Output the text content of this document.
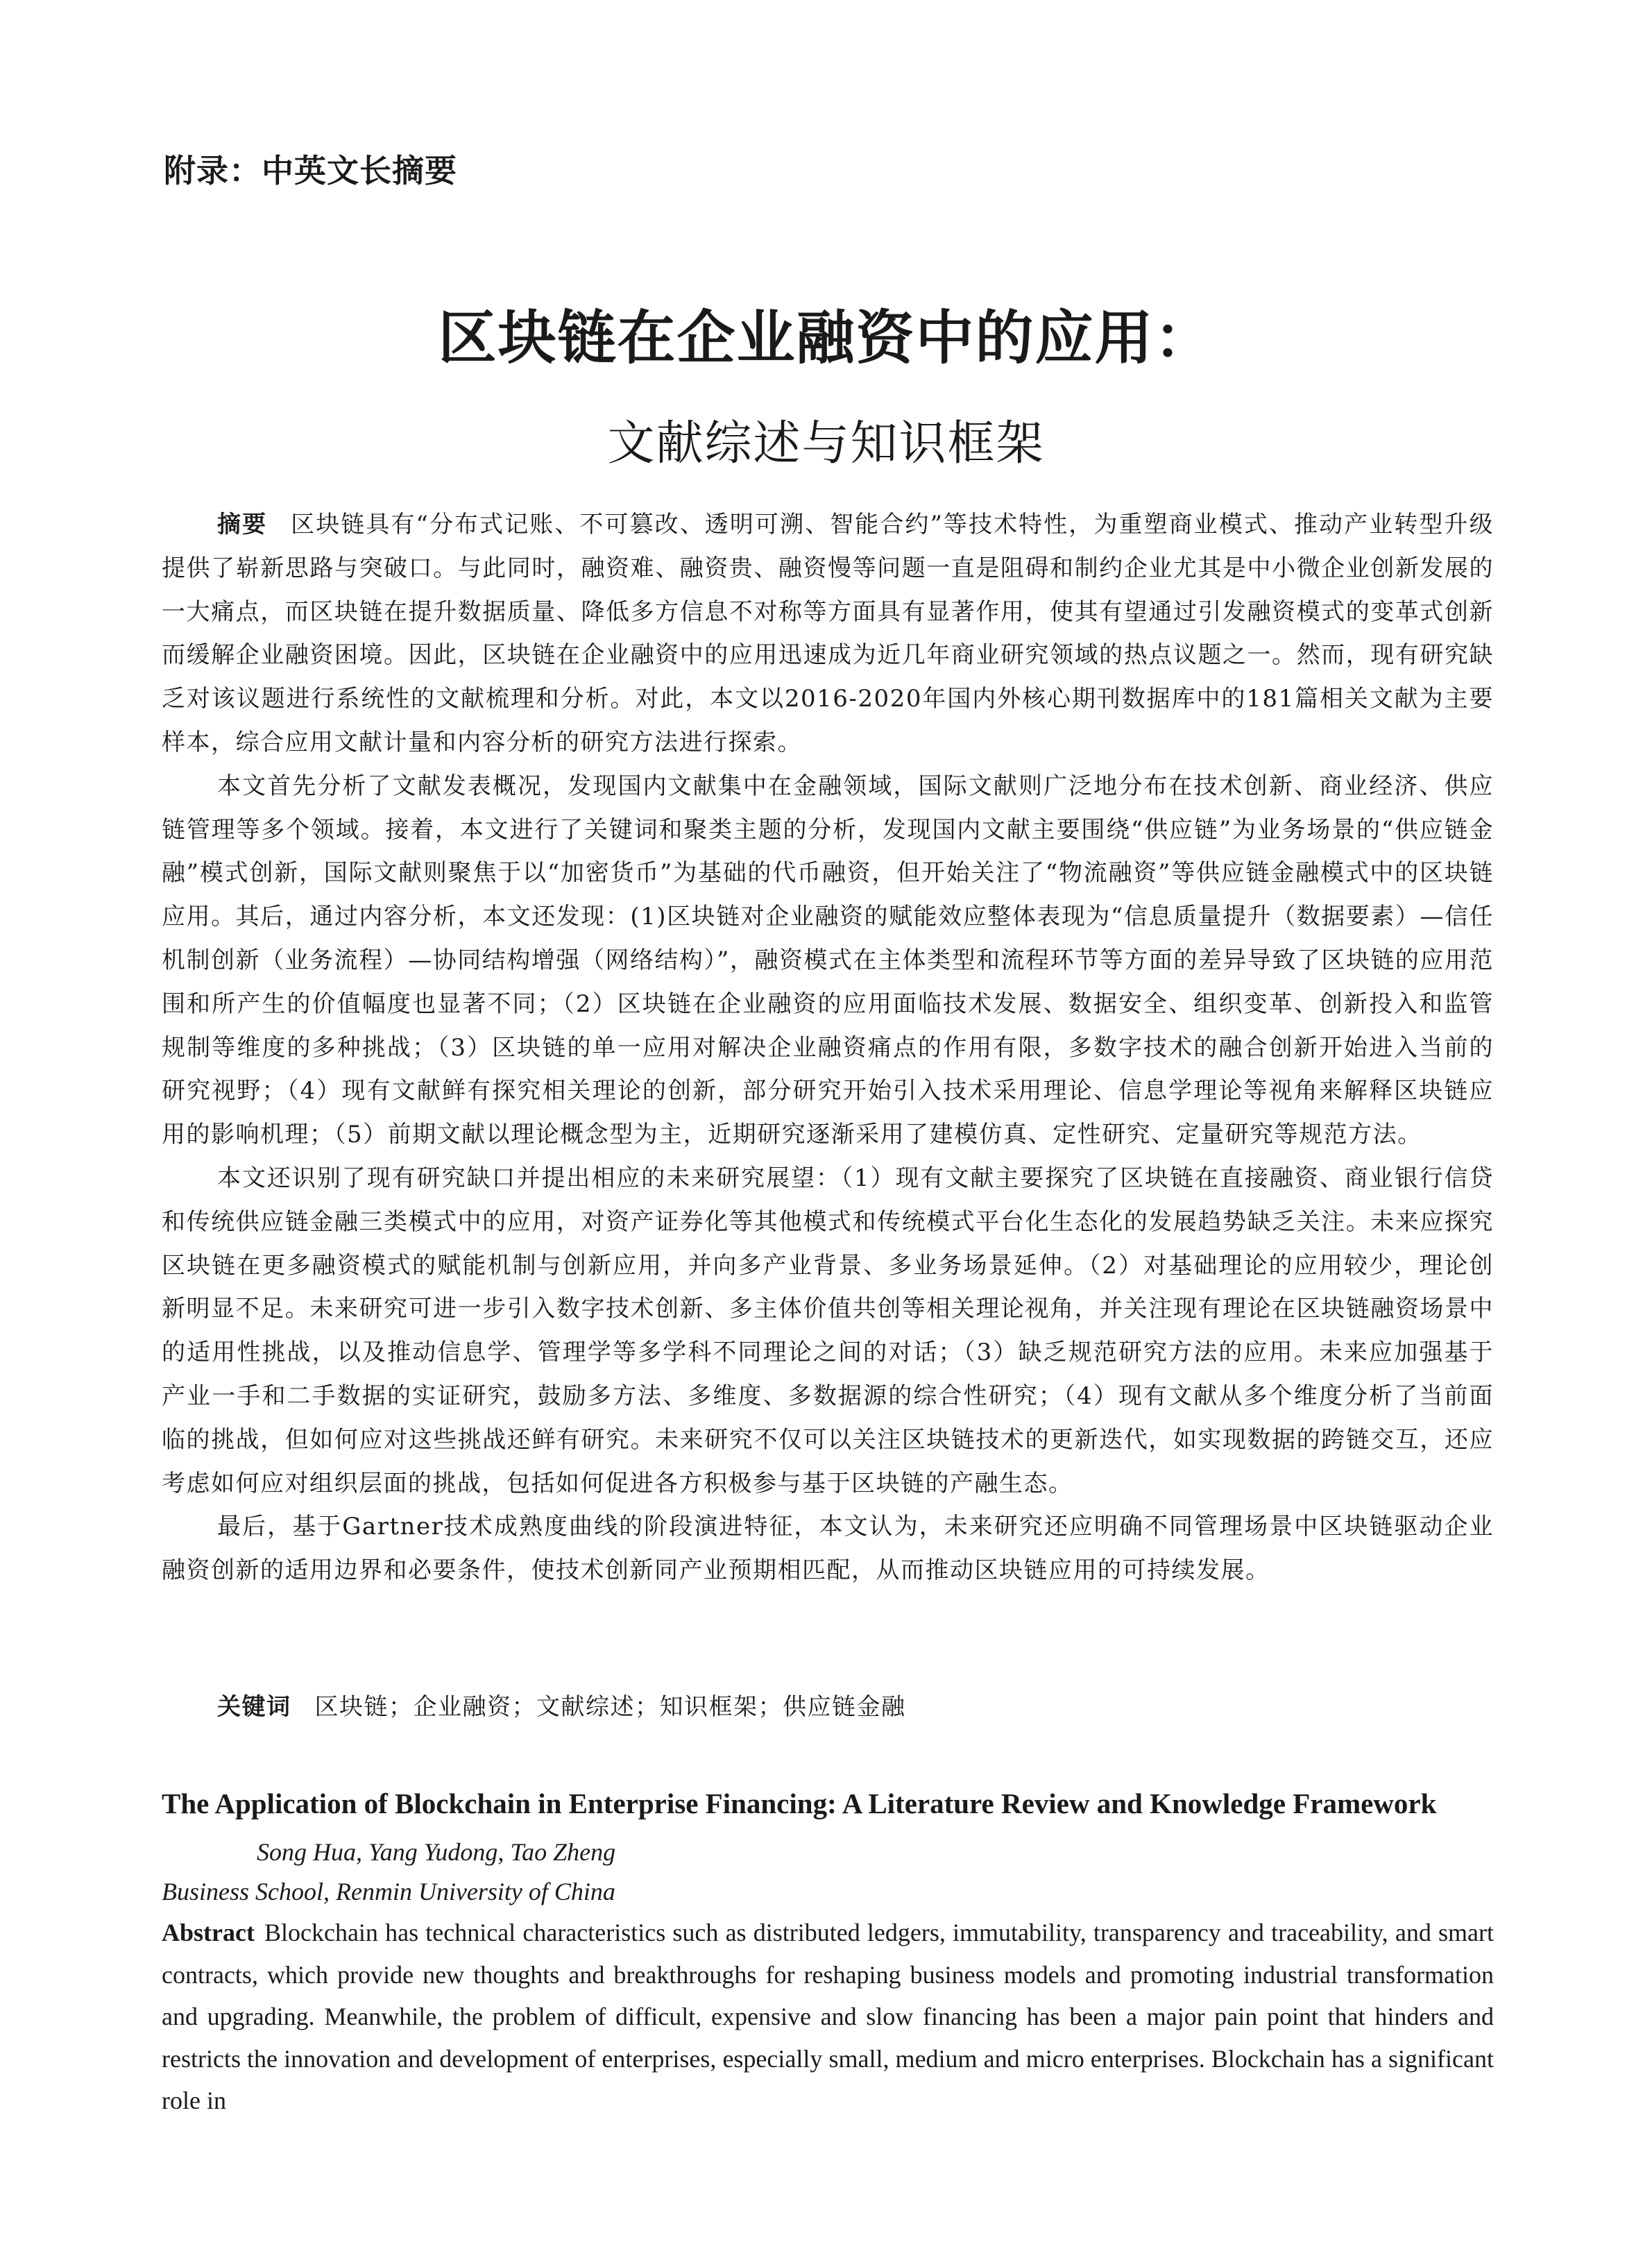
附录：中英文长摘要
区块链在企业融资中的应用：
文献综述与知识框架

摘要 区块链具有“分布式记账、不可篡改、透明可溯、智能合约”等技术特性，为重塑商业模式、推动产业转型升级提供了崭新思路与突破口。与此同时，融资难、融资贵、融资慢等问题一直是阻碍和制约企业尤其是中小微企业创新发展的一大痛点，而区块链在提升数据质量、降低多方信息不对称等方面具有显著作用，使其有望通过引发融资模式的变革式创新而缓解企业融资困境。因此，区块链在企业融资中的应用迅速成为近几年商业研究领域的热点议题之一。然而，现有研究缺乏对该议题进行系统性的文献梳理和分析。对此，本文以2016-2020年国内外核心期刊数据库中的181篇相关文献为主要样本，综合应用文献计量和内容分析的研究方法进行探索。

本文首先分析了文献发表概况，发现国内文献集中在金融领域，国际文献则广泛地分布在技术创新、商业经济、供应链管理等多个领域。接着，本文进行了关键词和聚类主题的分析，发现国内文献主要围绕“供应链”为业务场景的“供应链金融”模式创新，国际文献则聚焦于以“加密货币”为基础的代币融资，但开始关注了“物流融资”等供应链金融模式中的区块链应用。其后，通过内容分析，本文还发现：(1)区块链对企业融资的赋能效应整体表现为“信息质量提升（数据要素）—信任机制创新（业务流程）—协同结构增强（网络结构）”，融资模式在主体类型和流程环节等方面的差异导致了区块链的应用范围和所产生的价值幅度也显著不同；（2）区块链在企业融资的应用面临技术发展、数据安全、组织变革、创新投入和监管规制等维度的多种挑战；（3）区块链的单一应用对解决企业融资痛点的作用有限，多数字技术的融合创新开始进入当前的研究视野；（4）现有文献鲜有探究相关理论的创新，部分研究开始引入技术采用理论、信息学理论等视角来解释区块链应用的影响机理；（5）前期文献以理论概念型为主，近期研究逐渐采用了建模仿真、定性研究、定量研究等规范方法。

本文还识别了现有研究缺口并提出相应的未来研究展望：（1）现有文献主要探究了区块链在直接融资、商业银行信贷和传统供应链金融三类模式中的应用，对资产证券化等其他模式和传统模式平台化生态化的发展趋势缺乏关注。未来应探究区块链在更多融资模式的赋能机制与创新应用，并向多产业背景、多业务场景延伸。（2）对基础理论的应用较少，理论创新明显不足。未来研究可进一步引入数字技术创新、多主体价值共创等相关理论视角，并关注现有理论在区块链融资场景中的适用性挑战，以及推动信息学、管理学等多学科不同理论之间的对话；（3）缺乏规范研究方法的应用。未来应加强基于产业一手和二手数据的实证研究，鼓励多方法、多维度、多数据源的综合性研究；（4）现有文献从多个维度分析了当前面临的挑战，但如何应对这些挑战还鲜有研究。未来研究不仅可以关注区块链技术的更新迭代，如实现数据的跨链交互，还应考虑如何应对组织层面的挑战，包括如何促进各方积极参与基于区块链的产融生态。

最后，基于Gartner技术成熟度曲线的阶段演进特征，本文认为，未来研究还应明确不同管理场景中区块链驱动企业融资创新的适用边界和必要条件，使技术创新同产业预期相匹配，从而推动区块链应用的可持续发展。

关键词 区块链；企业融资；文献综述；知识框架；供应链金融
The Application of Blockchain in Enterprise Financing: A Literature Review and Knowledge Framework
Song Hua, Yang Yudong, Tao Zheng
Business School, Renmin University of China

Abstract Blockchain has technical characteristics such as distributed ledgers, immutability, transparency and traceability, and smart contracts, which provide new thoughts and breakthroughs for reshaping business models and promoting industrial transformation and upgrading. Meanwhile, the problem of difficult, expensive and slow financing has been a major pain point that hinders and restricts the innovation and development of enterprises, especially small, medium and micro enterprises. Blockchain has a significant role in
